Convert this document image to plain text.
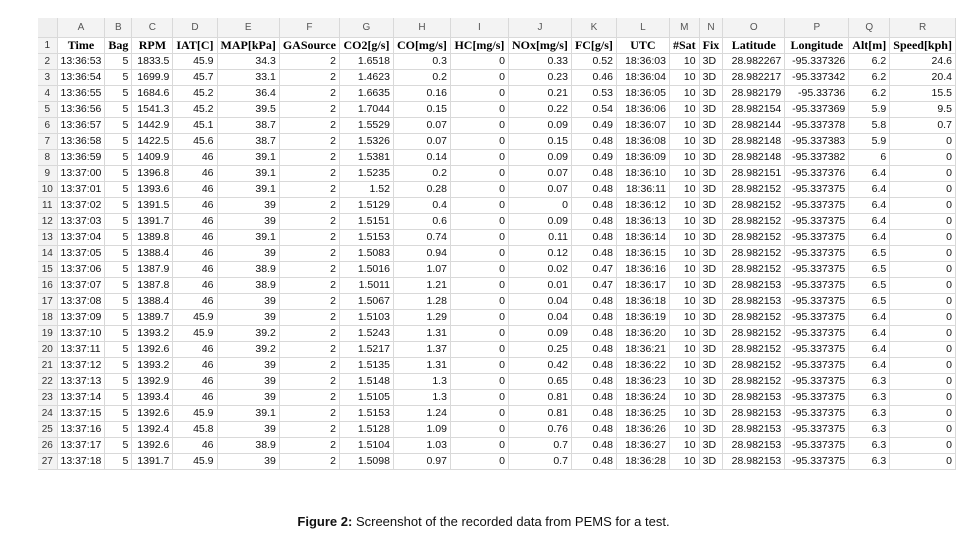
	A	B	C	D	E	F	G	H	I	J	K	L	M	N	O	P	Q	R
1	Time	Bag	RPM	IAT[C]	MAP[kPa]	GASource	CO2[g/s]	CO[mg/s]	HC[mg/s]	NOx[mg/s]	FC[g/s]	UTC	#Sat	Fix	Latitude	Longitude	Alt[m]	Speed[kph]
2	13:36:53	5	1833.5	45.9	34.3	2	1.6518	0.3	0	0.33	0.52	18:36:03	10	3D	28.982267	-95.337326	6.2	24.6
3	13:36:54	5	1699.9	45.7	33.1	2	1.4623	0.2	0	0.23	0.46	18:36:04	10	3D	28.982217	-95.337342	6.2	20.4
4	13:36:55	5	1684.6	45.2	36.4	2	1.6635	0.16	0	0.21	0.53	18:36:05	10	3D	28.982179	-95.33736	6.2	15.5
5	13:36:56	5	1541.3	45.2	39.5	2	1.7044	0.15	0	0.22	0.54	18:36:06	10	3D	28.982154	-95.337369	5.9	9.5
6	13:36:57	5	1442.9	45.1	38.7	2	1.5529	0.07	0	0.09	0.49	18:36:07	10	3D	28.982144	-95.337378	5.8	0.7
7	13:36:58	5	1422.5	45.6	38.7	2	1.5326	0.07	0	0.15	0.48	18:36:08	10	3D	28.982148	-95.337383	5.9	0
8	13:36:59	5	1409.9	46	39.1	2	1.5381	0.14	0	0.09	0.49	18:36:09	10	3D	28.982148	-95.337382	6	0
9	13:37:00	5	1396.8	46	39.1	2	1.5235	0.2	0	0.07	0.48	18:36:10	10	3D	28.982151	-95.337376	6.4	0
10	13:37:01	5	1393.6	46	39.1	2	1.52	0.28	0	0.07	0.48	18:36:11	10	3D	28.982152	-95.337375	6.4	0
11	13:37:02	5	1391.5	46	39	2	1.5129	0.4	0	0	0.48	18:36:12	10	3D	28.982152	-95.337375	6.4	0
12	13:37:03	5	1391.7	46	39	2	1.5151	0.6	0	0.09	0.48	18:36:13	10	3D	28.982152	-95.337375	6.4	0
13	13:37:04	5	1389.8	46	39.1	2	1.5153	0.74	0	0.11	0.48	18:36:14	10	3D	28.982152	-95.337375	6.4	0
14	13:37:05	5	1388.4	46	39	2	1.5083	0.94	0	0.12	0.48	18:36:15	10	3D	28.982152	-95.337375	6.5	0
15	13:37:06	5	1387.9	46	38.9	2	1.5016	1.07	0	0.02	0.47	18:36:16	10	3D	28.982152	-95.337375	6.5	0
16	13:37:07	5	1387.8	46	38.9	2	1.5011	1.21	0	0.01	0.47	18:36:17	10	3D	28.982153	-95.337375	6.5	0
17	13:37:08	5	1388.4	46	39	2	1.5067	1.28	0	0.04	0.48	18:36:18	10	3D	28.982153	-95.337375	6.5	0
18	13:37:09	5	1389.7	45.9	39	2	1.5103	1.29	0	0.04	0.48	18:36:19	10	3D	28.982152	-95.337375	6.4	0
19	13:37:10	5	1393.2	45.9	39.2	2	1.5243	1.31	0	0.09	0.48	18:36:20	10	3D	28.982152	-95.337375	6.4	0
20	13:37:11	5	1392.6	46	39.2	2	1.5217	1.37	0	0.25	0.48	18:36:21	10	3D	28.982152	-95.337375	6.4	0
21	13:37:12	5	1393.2	46	39	2	1.5135	1.31	0	0.42	0.48	18:36:22	10	3D	28.982152	-95.337375	6.4	0
22	13:37:13	5	1392.9	46	39	2	1.5148	1.3	0	0.65	0.48	18:36:23	10	3D	28.982152	-95.337375	6.3	0
23	13:37:14	5	1393.4	46	39	2	1.5105	1.3	0	0.81	0.48	18:36:24	10	3D	28.982153	-95.337375	6.3	0
24	13:37:15	5	1392.6	45.9	39.1	2	1.5153	1.24	0	0.81	0.48	18:36:25	10	3D	28.982153	-95.337375	6.3	0
25	13:37:16	5	1392.4	45.8	39	2	1.5128	1.09	0	0.76	0.48	18:36:26	10	3D	28.982153	-95.337375	6.3	0
26	13:37:17	5	1392.6	46	38.9	2	1.5104	1.03	0	0.7	0.48	18:36:27	10	3D	28.982153	-95.337375	6.3	0
27	13:37:18	5	1391.7	45.9	39	2	1.5098	0.97	0	0.7	0.48	18:36:28	10	3D	28.982153	-95.337375	6.3	0
Figure 2: Screenshot of the recorded data from PEMS for a test.
